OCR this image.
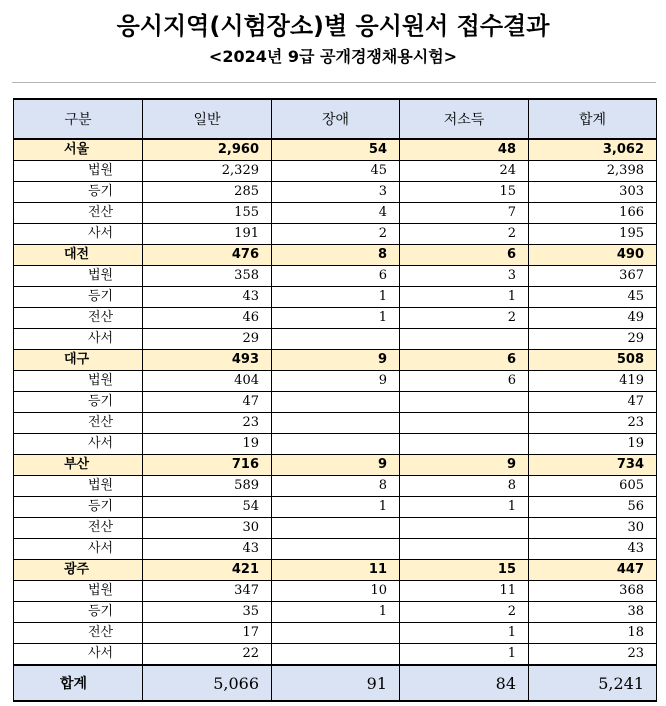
응시지역(시험장소)별 응시원서 접수결과
<2024년 9급 공개경쟁채용시험>
구분	일반	장애	저소득	합계
서울	2,960	54	48	3,062
법원	2,329	45	24	2,398
등기	285	3	15	303
전산	155	4	7	166
사서	191	2	2	195
대전	476	8	6	490
법원	358	6	3	367
등기	43	1	1	45
전산	46	1	2	49
사서	29			29
대구	493	9	6	508
법원	404	9	6	419
등기	47			47
전산	23			23
사서	19			19
부산	716	9	9	734
법원	589	8	8	605
등기	54	1	1	56
전산	30			30
사서	43			43
광주	421	11	15	447
법원	347	10	11	368
등기	35	1	2	38
전산	17		1	18
사서	22		1	23
합계	5,066	91	84	5,241
